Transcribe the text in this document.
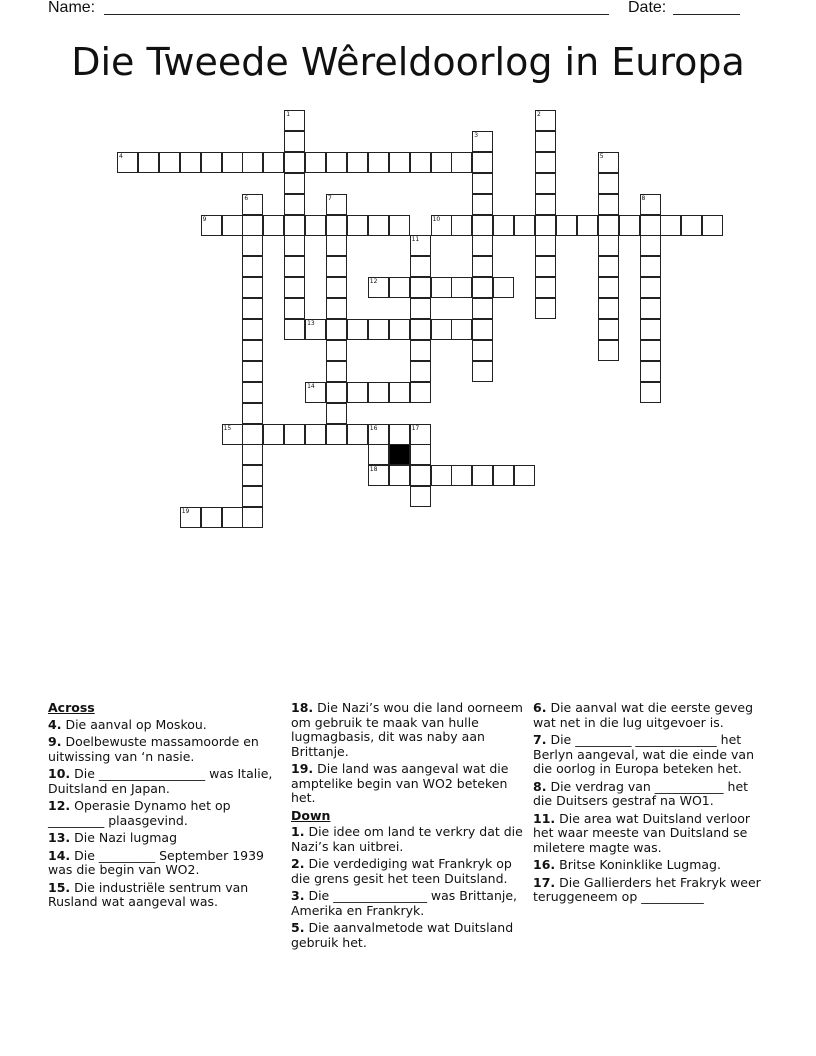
Name:	Date:
Die Tweede Wêreldoorlog in Europa
4
9	10
12
13
14
15	16	17
18
19
1	2
3
5
6	7	8
11
Across
4. Die aanval op Moskou.
9. Doelbewuste massamoorde en uitwissing van ‘n nasie.
10. Die _________________ was Italie, Duitsland en Japan.
12. Operasie Dynamo het op _________ plaasgevind.
13. Die Nazi lugmag
14. Die _________ September 1939 was die begin van WO2.
15. Die industriële sentrum van Rusland wat aangeval was.
18. Die Nazi’s wou die land oorneem om gebruik te maak van hulle lugmagbasis, dit was naby aan Brittanje.
19. Die land was aangeval wat die amptelike begin van WO2 beteken het.
Down
1. Die idee om land te verkry dat die Nazi’s kan uitbrei.
2. Die verdediging wat Frankryk op die grens gesit het teen Duitsland.
3. Die _______________ was Brittanje, Amerika en Frankryk.
5. Die aanvalmetode wat Duitsland gebruik het.
6. Die aanval wat die eerste geveg wat net in die lug uitgevoer is.
7. Die _________ _____________ het Berlyn aangeval, wat die einde van die oorlog in Europa beteken het.
8. Die verdrag van ___________ het die Duitsers gestraf na WO1.
11. Die area wat Duitsland verloor het waar meeste van Duitsland se miletere magte was.
16. Britse Koninklike Lugmag.
17. Die Gallierders het Frakryk weer teruggeneem op __________
